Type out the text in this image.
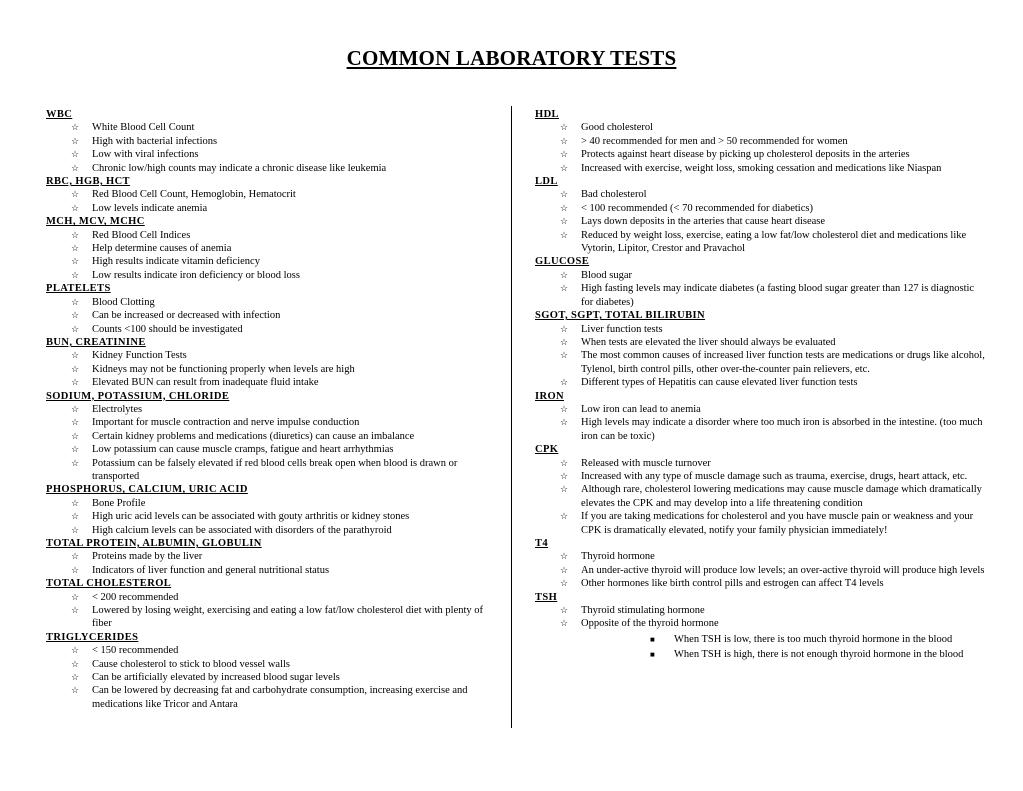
COMMON LABORATORY TESTS
WBC
☆ White Blood Cell Count
☆ High with bacterial infections
☆ Low with viral infections
☆ Chronic low/high counts may indicate a chronic disease like leukemia
RBC, HGB, HCT
☆ Red Blood Cell Count, Hemoglobin, Hematocrit
☆ Low levels indicate anemia
MCH, MCV, MCHC
☆ Red Blood Cell Indices
☆ Help determine causes of anemia
☆ High results indicate vitamin deficiency
☆ Low results indicate iron deficiency or blood loss
PLATELETS
☆ Blood Clotting
☆ Can be increased or decreased with infection
☆ Counts <100 should be investigated
BUN, CREATININE
☆ Kidney Function Tests
☆ Kidneys may not be functioning properly when levels are high
☆ Elevated BUN can result from inadequate fluid intake
SODIUM, POTASSIUM, CHLORIDE
☆ Electrolytes
☆ Important for muscle contraction and nerve impulse conduction
☆ Certain kidney problems and medications (diuretics) can cause an imbalance
☆ Low potassium can cause muscle cramps, fatigue and heart arrhythmias
☆ Potassium can be falsely elevated if red blood cells break open when blood is drawn or transported
PHOSPHORUS, CALCIUM, URIC ACID
☆ Bone Profile
☆ High uric acid levels can be associated with gouty arthritis or kidney stones
☆ High calcium levels can be associated with disorders of the parathyroid
TOTAL PROTEIN, ALBUMIN, GLOBULIN
☆ Proteins made by the liver
☆ Indicators of liver function and general nutritional status
TOTAL CHOLESTEROL
☆ < 200 recommended
☆ Lowered by losing weight, exercising and eating a low fat/low cholesterol diet with plenty of fiber
TRIGLYCERIDES
☆ < 150 recommended
☆ Cause cholesterol to stick to blood vessel walls
☆ Can be artificially elevated by increased blood sugar levels
☆ Can be lowered by decreasing fat and carbohydrate consumption, increasing exercise and medications like Tricor and Antara
HDL
☆ Good cholesterol
☆ > 40 recommended for men and > 50 recommended for women
☆ Protects against heart disease by picking up cholesterol deposits in the arteries
☆ Increased with exercise, weight loss, smoking cessation and medications like Niaspan
LDL
☆ Bad cholesterol
☆ < 100 recommended (< 70 recommended for diabetics)
☆ Lays down deposits in the arteries that cause heart disease
☆ Reduced by weight loss, exercise, eating a low fat/low cholesterol diet and medications like Vytorin, Lipitor, Crestor and Pravachol
GLUCOSE
☆ Blood sugar
☆ High fasting levels may indicate diabetes (a fasting blood sugar greater than 127 is diagnostic for diabetes)
SGOT, SGPT, TOTAL BILIRUBIN
☆ Liver function tests
☆ When tests are elevated the liver should always be evaluated
☆ The most common causes of increased liver function tests are medications or drugs like alcohol, Tylenol, birth control pills, other over-the-counter pain relievers, etc.
☆ Different types of Hepatitis can cause elevated liver function tests
IRON
☆ Low iron can lead to anemia
☆ High levels may indicate a disorder where too much iron is absorbed in the intestine. (too much iron can be toxic)
CPK
☆ Released with muscle turnover
☆ Increased with any type of muscle damage such as trauma, exercise, drugs, heart attack, etc.
☆ Although rare, cholesterol lowering medications may cause muscle damage which dramatically elevates the CPK and may develop into a life threatening condition
☆ If you are taking medications for cholesterol and you have muscle pain or weakness and your CPK is dramatically elevated, notify your family physician immediately!
T4
☆ Thyroid hormone
☆ An under-active thyroid will produce low levels; an over-active thyroid will produce high levels
☆ Other hormones like birth control pills and estrogen can affect T4 levels
TSH
☆ Thyroid stimulating hormone
☆ Opposite of the thyroid hormone
■ When TSH is low, there is too much thyroid hormone in the blood
■ When TSH is high, there is not enough thyroid hormone in the blood
